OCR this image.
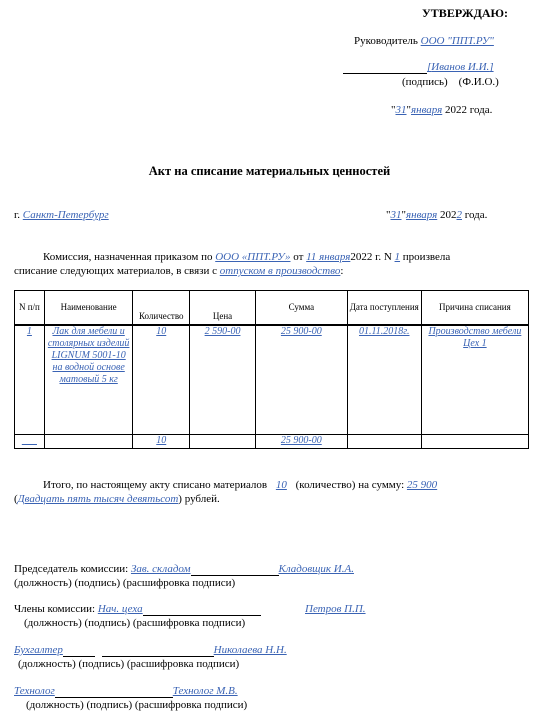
УТВЕРЖДАЮ:
Руководитель ООО "ППТ.РУ"
[Иванов И.И.]
(подпись) (Ф.И.О.)
"31"января 2022 года.
Акт на списание материальных ценностей
г. Санкт-Петербург	"31"января 2022 года.
Комиссия, назначенная приказом по ООО «ППТ.РУ» от 11 января2022 г. N 1 произвела
списание следующих материалов, в связи с отпуском в производство:
N п/п	Наименование	Количество	Цена	Сумма	Дата поступления	Причина списания
1	Лак для мебели и столярных изделий LIGNUM 5001-10 на водной основе матовый 5 кг	10	2 590-00	25 900-00	01.11.2018г.	Производство мебели Цех 1
___		10		25 900-00		
Итого, по настоящему акту списано материалов 10 (количество) на сумму: 25 900
(Двадцать пять тысяч девятьсот) рублей.
Председатель комиссии: Зав. складом	Кладовщик И.А.
(должность) (подпись) (расшифровка подписи)
Члены комиссии: Нач. цеха	Петров П.П.
(должность) (подпись) (расшифровка подписи)
Бухгалтер	Николаева Н.Н.
(должность) (подпись) (расшифровка подписи)
Технолог	Технолог М.В.
(должность) (подпись) (расшифровка подписи)
